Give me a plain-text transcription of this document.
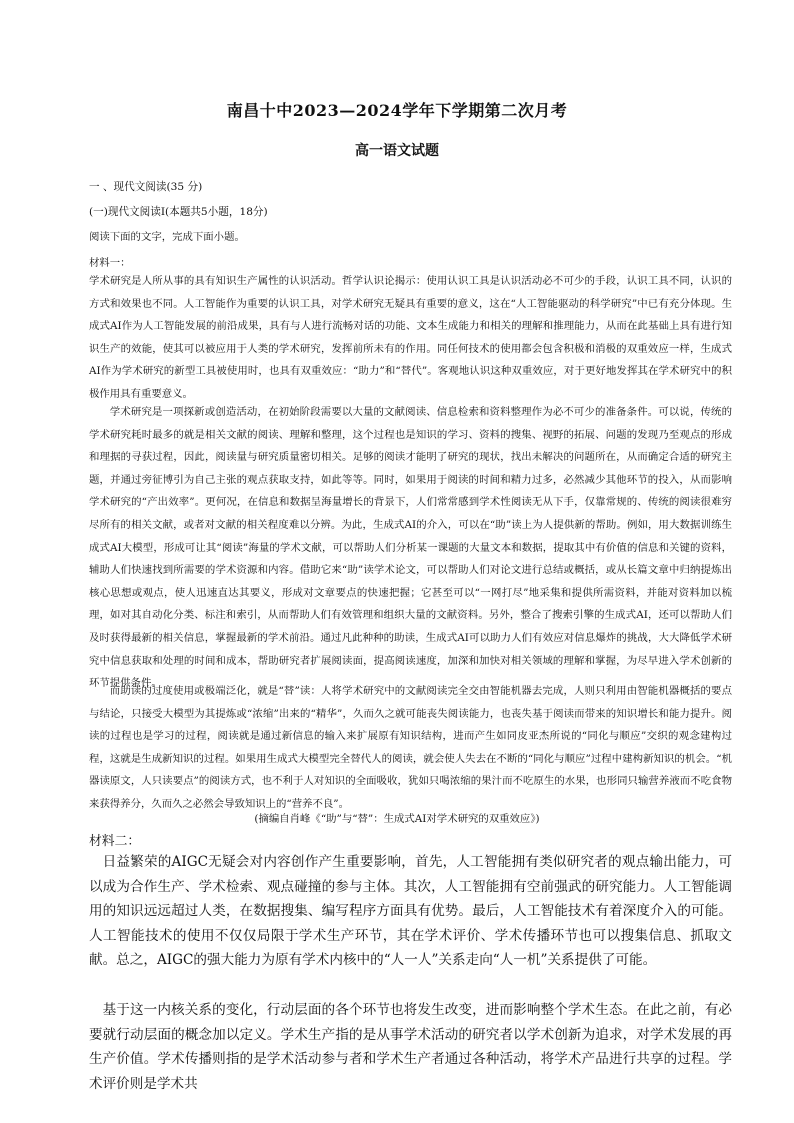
南昌十中2023—2024学年下学期第二次月考
高一语文试题
一 、现代文阅读(35 分)
(一)现代文阅读Ⅰ(本题共5小题，18分)
阅读下面的文字，完成下面小题。
材料一：
学术研究是人所从事的具有知识生产属性的认识活动。哲学认识论揭示：使用认识工具是认识活动必不可少的手段，认识工具不同，认识的方式和效果也不同。人工智能作为重要的认识工具，对学术研究无疑具有重要的意义，这在“人工智能驱动的科学研究”中已有充分体现。生成式AI作为人工智能发展的前沿成果，具有与人进行流畅对话的功能、文本生成能力和相关的理解和推理能力，从而在此基础上具有进行知识生产的效能，使其可以被应用于人类的学术研究，发挥前所未有的作用。同任何技术的使用都会包含积极和消极的双重效应一样，生成式AI作为学术研究的新型工具被使用时，也具有双重效应：“助力”和“替代”。客观地认识这种双重效应，对于更好地发挥其在学术研究中的积极作用具有重要意义。
学术研究是一项探新或创造活动，在初始阶段需要以大量的文献阅读、信息检索和资料整理作为必不可少的准备条件。可以说，传统的学术研究耗时最多的就是相关文献的阅读、理解和整理，这个过程也是知识的学习、资料的搜集、视野的拓展、问题的发现乃至观点的形成和理据的寻获过程，因此，阅读量与研究质量密切相关。足够的阅读才能明了研究的现状，找出未解决的问题所在，从而确定合适的研究主题，并通过旁征博引为自己主张的观点获取支持，如此等等。同时，如果用于阅读的时间和精力过多，必然减少其他环节的投入，从而影响学术研究的“产出效率”。更何况，在信息和数据呈海量增长的背景下，人们常常感到学术性阅读无从下手，仅靠常规的、传统的阅读很难穷尽所有的相关文献，或者对文献的相关程度难以分辨。为此，生成式AI的介入，可以在“助”读上为人提供新的帮助。例如，用大数据训练生成式AI大模型，形成可让其“阅读”海量的学术文献，可以帮助人们分析某一课题的大量文本和数据，提取其中有价值的信息和关键的资料，辅助人们快速找到所需要的学术资源和内容。借助它来“助”读学术论文，可以帮助人们对论文进行总结或概括，或从长篇文章中归纳提炼出核心思想或观点，使人迅速直达其要义，形成对文章要点的快速把握；它甚至可以“一网打尽”地采集和提供所需资料，并能对资料加以梳理，如对其自动化分类、标注和索引，从而帮助人们有效管理和组织大量的文献资料。另外，整合了搜索引擎的生成式AI，还可以帮助人们及时获得最新的相关信息，掌握最新的学术前沿。通过凡此种种的助读，生成式AI可以助力人们有效应对信息爆炸的挑战，大大降低学术研究中信息获取和处理的时间和成本，帮助研究者扩展阅读面，提高阅读速度，加深和加快对相关领域的理解和掌握，为尽早进入学术创新的环节提供条件。
而助读的过度使用或极端泛化，就是“替”读：人将学术研究中的文献阅读完全交由智能机器去完成，人则只利用由智能机器概括的要点与结论，只接受大模型为其提炼或“浓缩”出来的“精华”，久而久之就可能丧失阅读能力，也丧失基于阅读而带来的知识增长和能力提升。阅读的过程也是学习的过程，阅读就是通过新信息的输入来扩展原有知识结构，进而产生如同皮亚杰所说的“同化与顺应”交织的观念建构过程，这就是生成新知识的过程。如果用生成式大模型完全替代人的阅读，就会使人失去在不断的“同化与顺应”过程中建构新知识的机会。“机器读原文，人只读要点”的阅读方式，也不利于人对知识的全面吸收，犹如只喝浓缩的果汁而不吃原生的水果，也形同只输营养液而不吃食物来获得养分，久而久之必然会导致知识上的“营养不良”。
(摘编自肖峰《“助”与“替”：生成式AI对学术研究的双重效应》)
材料二：
日益繁荣的AIGC无疑会对内容创作产生重要影响，首先，人工智能拥有类似研究者的观点输出能力，可以成为合作生产、学术检索、观点碰撞的参与主体。其次，人工智能拥有空前强武的研究能力。人工智能调用的知识远远超过人类，在数据搜集、编写程序方面具有优势。最后，人工智能技术有着深度介入的可能。人工智能技术的使用不仅仅局限于学术生产环节，其在学术评价、学术传播环节也可以搜集信息、抓取文献。总之，AIGC的强大能力为原有学术内核中的“人一人”关系走向“人一机”关系提供了可能。
基于这一内核关系的变化，行动层面的各个环节也将发生改变，进而影响整个学术生态。在此之前，有必要就行动层面的概念加以定义。学术生产指的是从事学术活动的研究者以学术创新为追求，对学术发展的再生产价值。学术传播则指的是学术活动参与者和学术生产者通过各种活动，将学术产品进行共享的过程。学术评价则是学术共
